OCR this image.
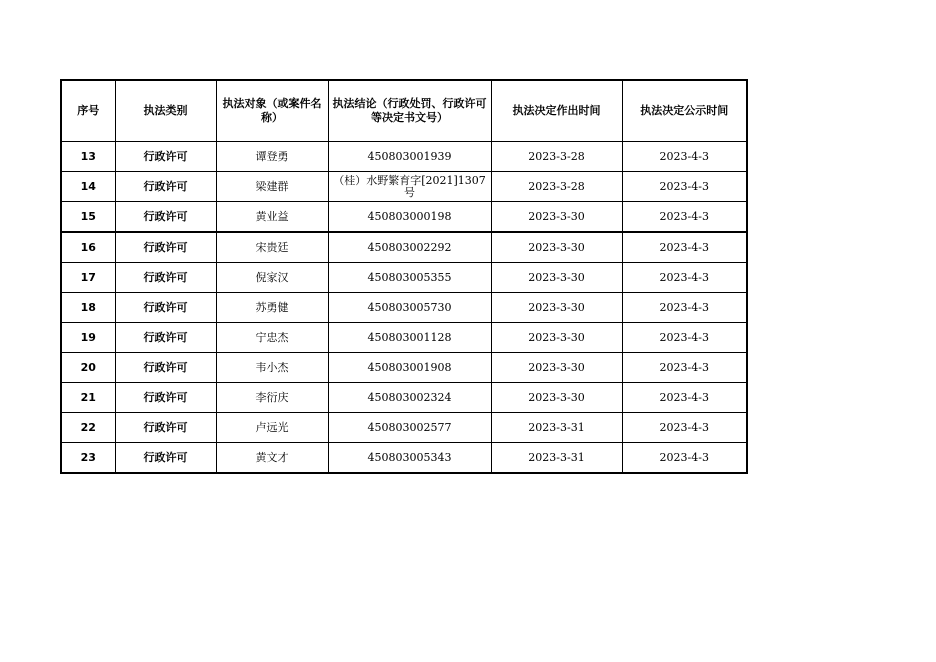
序号	执法类别	执法对象（或案件名称）	执法结论（行政处罚、行政许可等决定书文号）	执法决定作出时间	执法决定公示时间
13	行政许可	谭登勇	450803001939	2023-3-28	2023-4-3
14	行政许可	梁建群	（桂）水野繁育字[2021]1307号	2023-3-28	2023-4-3
15	行政许可	黄业益	450803000198	2023-3-30	2023-4-3
16	行政许可	宋贵廷	450803002292	2023-3-30	2023-4-3
17	行政许可	倪家汉	450803005355	2023-3-30	2023-4-3
18	行政许可	苏勇健	450803005730	2023-3-30	2023-4-3
19	行政许可	宁忠杰	450803001128	2023-3-30	2023-4-3
20	行政许可	韦小杰	450803001908	2023-3-30	2023-4-3
21	行政许可	李衍庆	450803002324	2023-3-30	2023-4-3
22	行政许可	卢远光	450803002577	2023-3-31	2023-4-3
23	行政许可	黄文才	450803005343	2023-3-31	2023-4-3
